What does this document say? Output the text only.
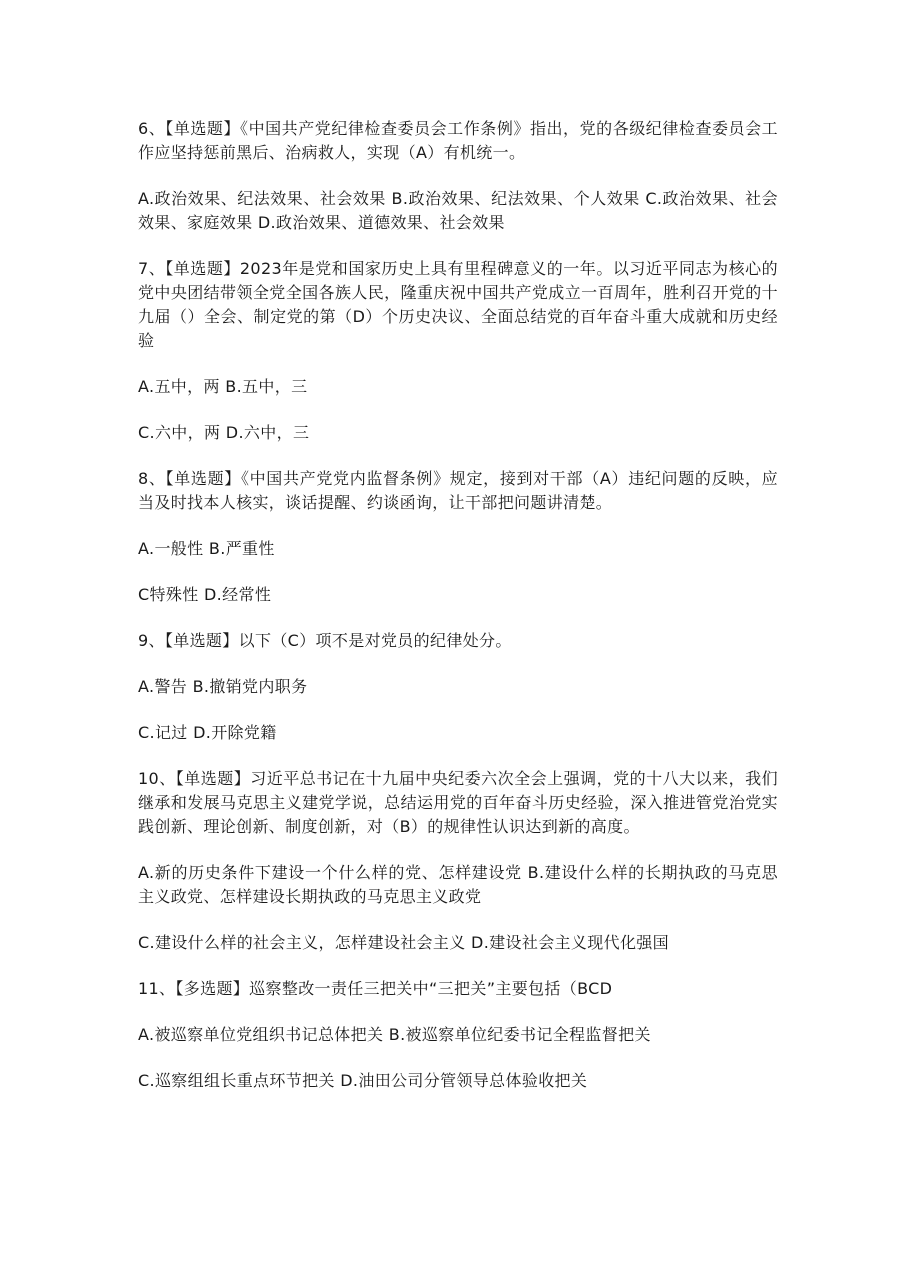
6、【单选题】《中国共产党纪律检查委员会工作条例》指出，党的各级纪律检查委员会工作应坚持惩前黑后、治病救人，实现（A）有机统一。

A.政治效果、纪法效果、社会效果 B.政治效果、纪法效果、个人效果 C.政治效果、社会效果、家庭效果 D.政治效果、道德效果、社会效果

7、【单选题】2023年是党和国家历史上具有里程碑意义的一年。以习近平同志为核心的党中央团结带领全党全国各族人民，隆重庆祝中国共产党成立一百周年，胜利召开党的十九届（）全会、制定党的第（D）个历史决议、全面总结党的百年奋斗重大成就和历史经验

A.五中，两 B.五中，三

C.六中，两 D.六中，三

8、【单选题】《中国共产党党内监督条例》规定，接到对干部（A）违纪问题的反映，应当及时找本人核实，谈话提醒、约谈函询，让干部把问题讲清楚。

A.一般性 B.严重性

C特殊性 D.经常性

9、【单选题】以下（C）项不是对党员的纪律处分。

A.警告 B.撤销党内职务

C.记过 D.开除党籍

10、【单选题】习近平总书记在十九届中央纪委六次全会上强调，党的十八大以来，我们继承和发展马克思主义建党学说，总结运用党的百年奋斗历史经验，深入推进管党治党实践创新、理论创新、制度创新，对（B）的规律性认识达到新的高度。

A.新的历史条件下建设一个什么样的党、怎样建设党 B.建设什么样的长期执政的马克思主义政党、怎样建设长期执政的马克思主义政党

C.建设什么样的社会主义，怎样建设社会主义 D.建设社会主义现代化强国

11、【多选题】巡察整改一责任三把关中“三把关”主要包括（BCD

A.被巡察单位党组织书记总体把关 B.被巡察单位纪委书记全程监督把关

C.巡察组组长重点环节把关 D.油田公司分管领导总体验收把关
